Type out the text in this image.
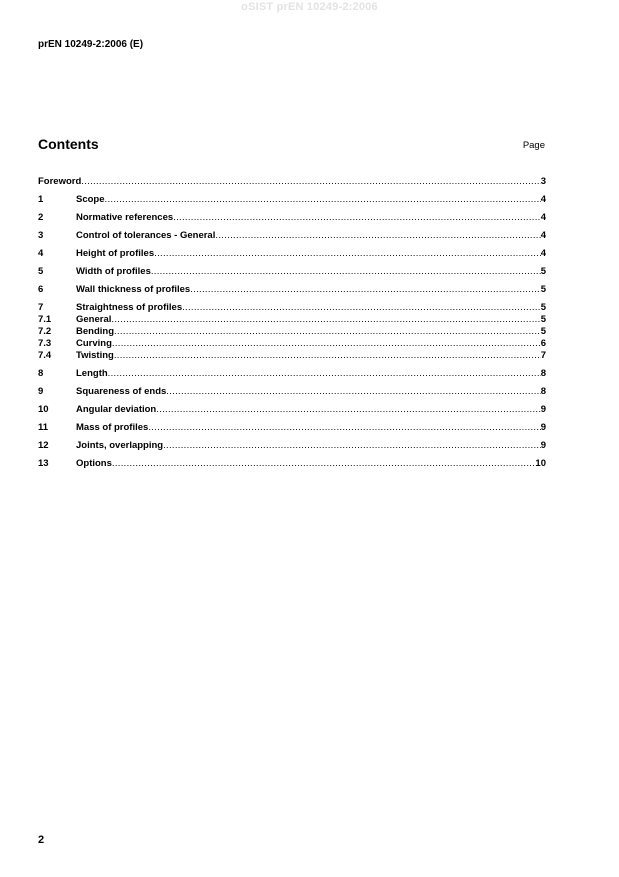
oSIST prEN 10249-2:2006
prEN 10249-2:2006 (E)
Contents	Page
Foreword .....	3
1	Scope .....	4
2	Normative references .....	4
3	Control of tolerances - General .....	4
4	Height of profiles .....	4
5	Width of profiles .....	5
6	Wall thickness of profiles .....	5
7	Straightness of profiles .....	5
7.1	General .....	5
7.2	Bending .....	5
7.3	Curving .....	6
7.4	Twisting .....	7
8	Length .....	8
9	Squareness of ends .....	8
10	Angular deviation .....	9
11	Mass of profiles .....	9
12	Joints, overlapping .....	9
13	Options .....	10
2
